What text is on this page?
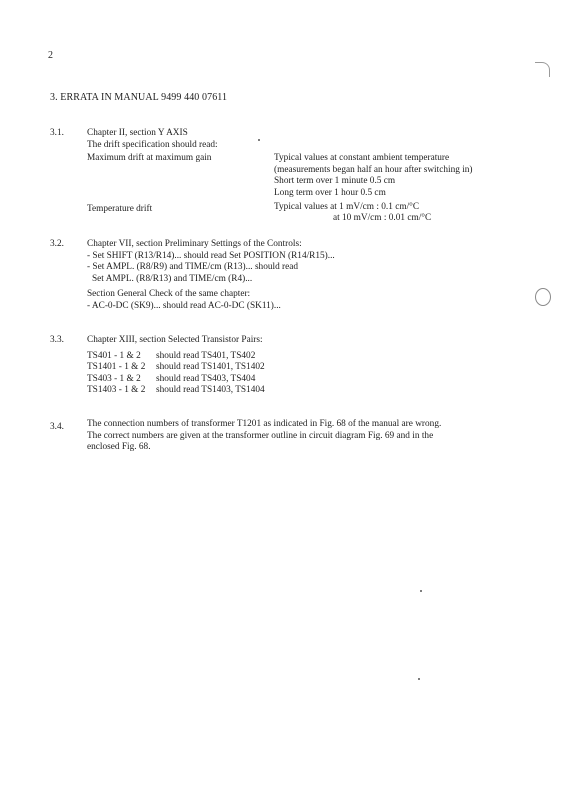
2
3. ERRATA IN MANUAL 9499 440 07611
3.1. Chapter II, section Y AXIS
The drift specification should read:
Maximum drift at maximum gain	Typical values at constant ambient temperature
(measurements began half an hour after switching in)
Short term over 1 minute 0.5 cm
Long term over 1 hour 0.5 cm
Temperature drift	Typical values at 1 mV/cm : 0.1 cm/°C
at 10 mV/cm : 0.01 cm/°C
3.2. Chapter VII, section Preliminary Settings of the Controls:
- Set SHIFT (R13/R14)... should read Set POSITION (R14/R15)...
- Set AMPL. (R8/R9) and TIME/cm (R13)... should read
Set AMPL. (R8/R13) and TIME/cm (R4)...
Section General Check of the same chapter:
- AC-0-DC (SK9)... should read AC-0-DC (SK11)...
3.3. Chapter XIII, section Selected Transistor Pairs:
TS401 - 1 & 2	should read TS401, TS402
TS1401 - 1 & 2	should read TS1401, TS1402
TS403 - 1 & 2	should read TS403, TS404
TS1403 - 1 & 2	should read TS1403, TS1404
3.4. The connection numbers of transformer T1201 as indicated in Fig. 68 of the manual are wrong.
The correct numbers are given at the transformer outline in circuit diagram Fig. 69 and in the
enclosed Fig. 68.
